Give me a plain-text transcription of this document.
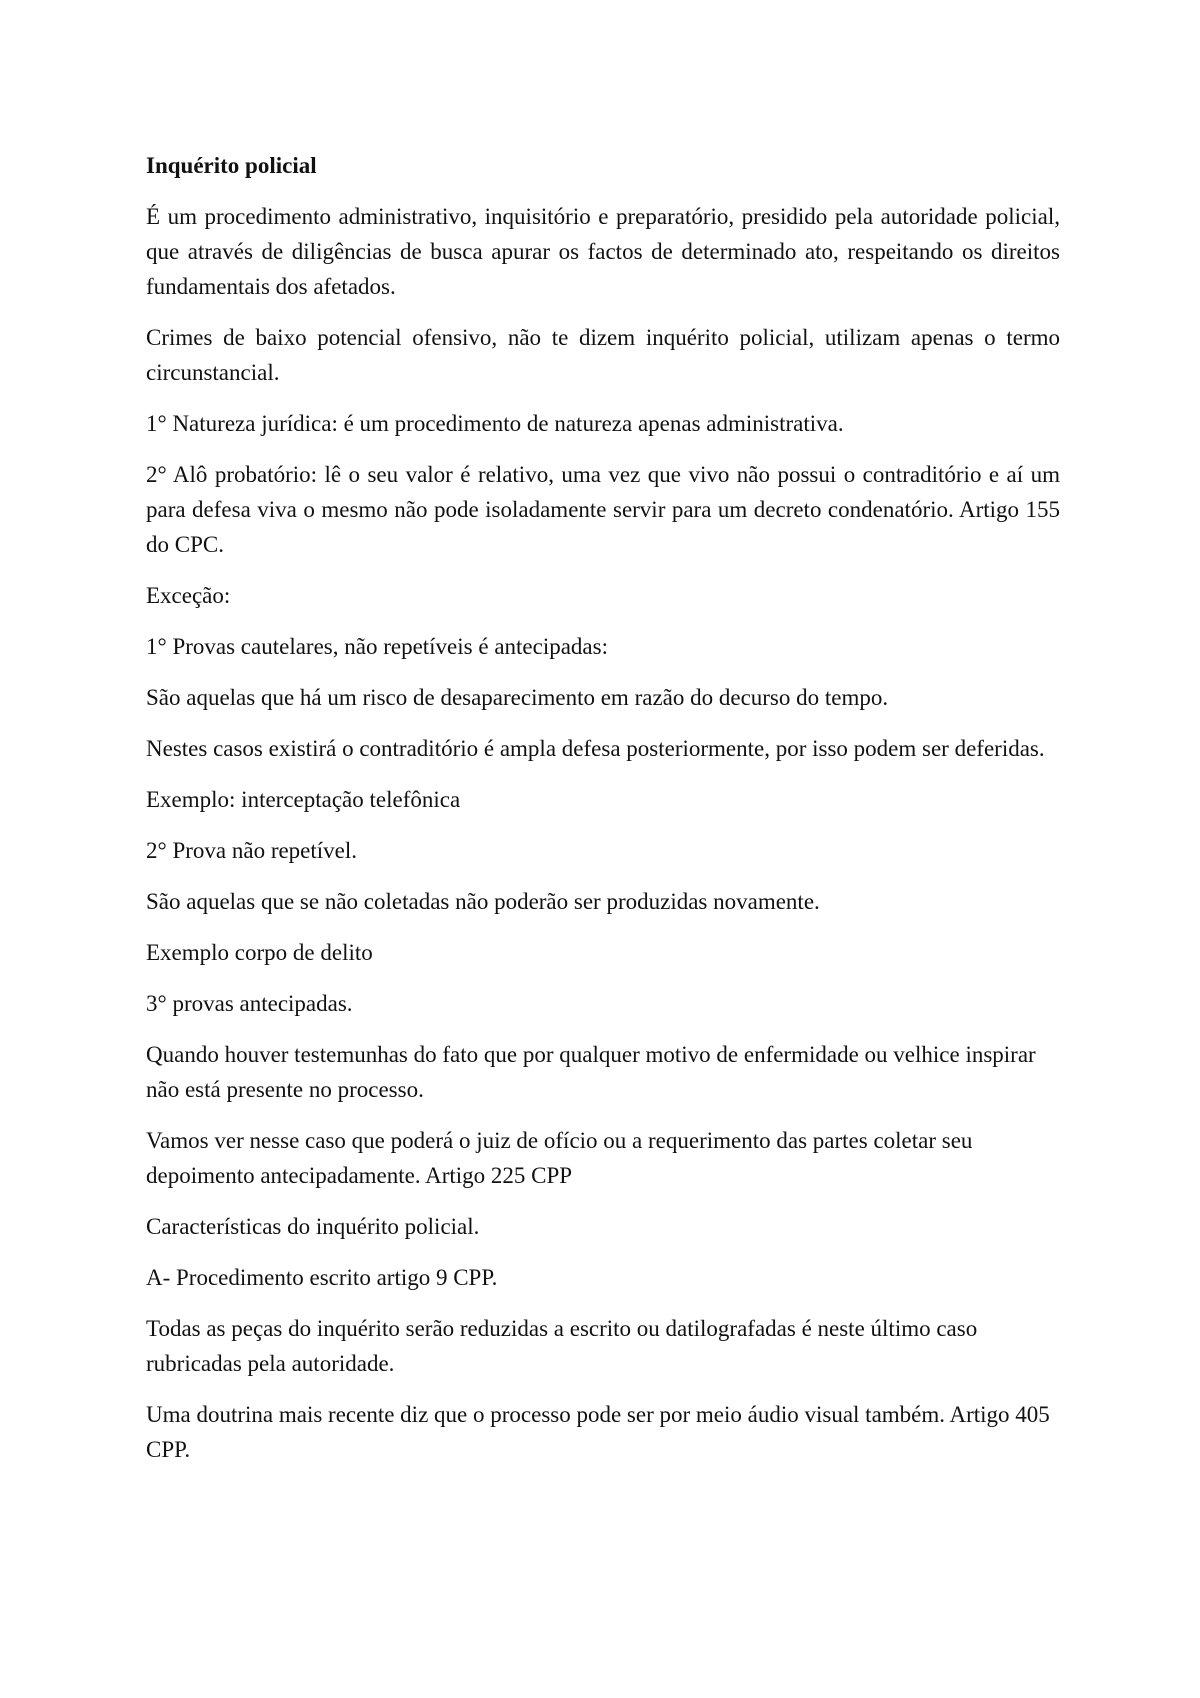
Inquérito policial

É um procedimento administrativo, inquisitório e preparatório, presidido pela autoridade policial, que através de diligências de busca apurar os factos de determinado ato, respeitando os direitos fundamentais dos afetados.

Crimes de baixo potencial ofensivo, não te dizem inquérito policial, utilizam apenas o termo circunstancial.

1° Natureza jurídica: é um procedimento de natureza apenas administrativa.

2° Alô probatório: lê o seu valor é relativo, uma vez que vivo não possui o contraditório e aí um para defesa viva o mesmo não pode isoladamente servir para um decreto condenatório. Artigo 155 do CPC.

Exceção:

1° Provas cautelares, não repetíveis é antecipadas:

São aquelas que há um risco de desaparecimento em razão do decurso do tempo.

Nestes casos existirá o contraditório é ampla defesa posteriormente, por isso podem ser deferidas.

Exemplo: interceptação telefônica

2° Prova não repetível.

São aquelas que se não coletadas não poderão ser produzidas novamente.

Exemplo corpo de delito

3° provas antecipadas.

Quando houver testemunhas do fato que por qualquer motivo de enfermidade ou velhice inspirar não está presente no processo.

Vamos ver nesse caso que poderá o juiz de ofício ou a requerimento das partes coletar seu depoimento antecipadamente. Artigo 225 CPP

Características do inquérito policial.

A- Procedimento escrito artigo 9 CPP.

Todas as peças do inquérito serão reduzidas a escrito ou datilografadas é neste último caso rubricadas pela autoridade.

Uma doutrina mais recente diz que o processo pode ser por meio áudio visual também. Artigo 405 CPP.
